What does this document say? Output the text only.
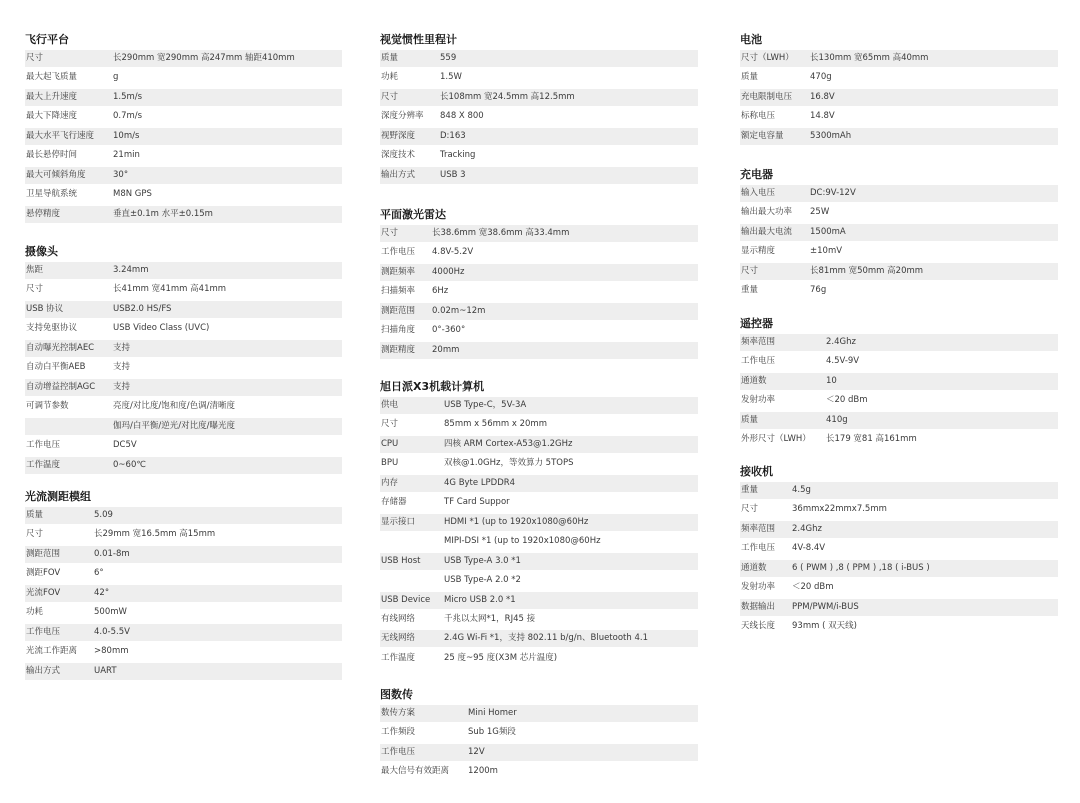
飞行平台
尺寸	长290mm 宽290mm 高247mm 轴距410mm
最大起飞质量	g
最大上升速度	1.5m/s
最大下降速度	0.7m/s
最大水平飞行速度 10m/s
最长悬停时间	21min
最大可倾斜角度	30°
卫星导航系统	M8N GPS
悬停精度	垂直±0.1m 水平±0.15m
摄像头
焦距	3.24mm
尺寸	长41mm 宽41mm 高41mm
USB 协议	USB2.0 HS/FS
支持免驱协议	USB Video Class (UVC)
自动曝光控制AEC 支持
自动白平衡AEB	支持
自动增益控制AGC 支持
可调节参数	亮度/对比度/饱和度/色调/清晰度
伽玛/白平衡/逆光/对比度/曝光度
工作电压	DC5V
工作温度	0~60℃
光流测距模组
质量	5.09
尺寸	长29mm 宽16.5mm 高15mm
测距范围	0.01-8m
测距FOV	6°
光流FOV	42°
功耗	500mW
工作电压	4.0-5.5V
光流工作距离 >80mm
输出方式	UART
视觉惯性里程计
质量	559
功耗	1.5W
尺寸	长108mm 宽24.5mm 高12.5mm
深度分辨率 848 X 800
视野深度	D:163
深度技术	Tracking
输出方式	USB 3
平面激光雷达
尺寸	长38.6mm 宽38.6mm 高33.4mm
工作电压 4.8V-5.2V
测距频率 4000Hz
扫描频率 6Hz
测距范围 0.02m~12m
扫描角度 0°-360°
测距精度 20mm
旭日派X3机载计算机
供电	USB Type-C，5V-3A
尺寸	85mm x 56mm x 20mm
CPU	四核 ARM Cortex-A53@1.2GHz
BPU	双核@1.0GHz，等效算力 5TOPS
内存	4G Byte LPDDR4
存储器	TF Card Suppor
显示接口	HDMI *1 (up to 1920x1080@60Hz
MIPI-DSI *1 (up to 1920x1080@60Hz
USB Host	USB Type-A 3.0 *1
USB Type-A 2.0 *2
USB Device Micro USB 2.0 *1
有线网络	千兆以太网*1，RJ45 接
无线网络	2.4G Wi-Fi *1，支持 802.11 b/g/n、Bluetooth 4.1
工作温度	25 度~95 度(X3M 芯片温度)
图数传
数传方案	Mini Homer
工作频段	Sub 1G频段
工作电压	12V
最大信号有效距离 1200m
电池
尺寸（LWH） 长130mm 宽65mm 高40mm
质量	470g
充电限制电压 16.8V
标称电压	14.8V
额定电容量	5300mAh
充电器
输入电压	DC:9V-12V
输出最大功率 25W
输出最大电流 1500mA
显示精度	±10mV
尺寸	长81mm 宽50mm 高20mm
重量	76g
遥控器
频率范围	2.4Ghz
工作电压	4.5V-9V
通道数	10
发射功率	＜20 dBm
质量	410g
外形尺寸（LWH） 长179 宽81 高161mm
接收机
重量	4.5g
尺寸	36mmx22mmx7.5mm
频率范围 2.4Ghz
工作电压 4V-8.4V
通道数	6 ( PWM ) ,8 ( PPM ) ,18 ( i-BUS )
发射功率 ＜20 dBm
数据输出 PPM/PWM/i-BUS
天线长度 93mm ( 双天线)
